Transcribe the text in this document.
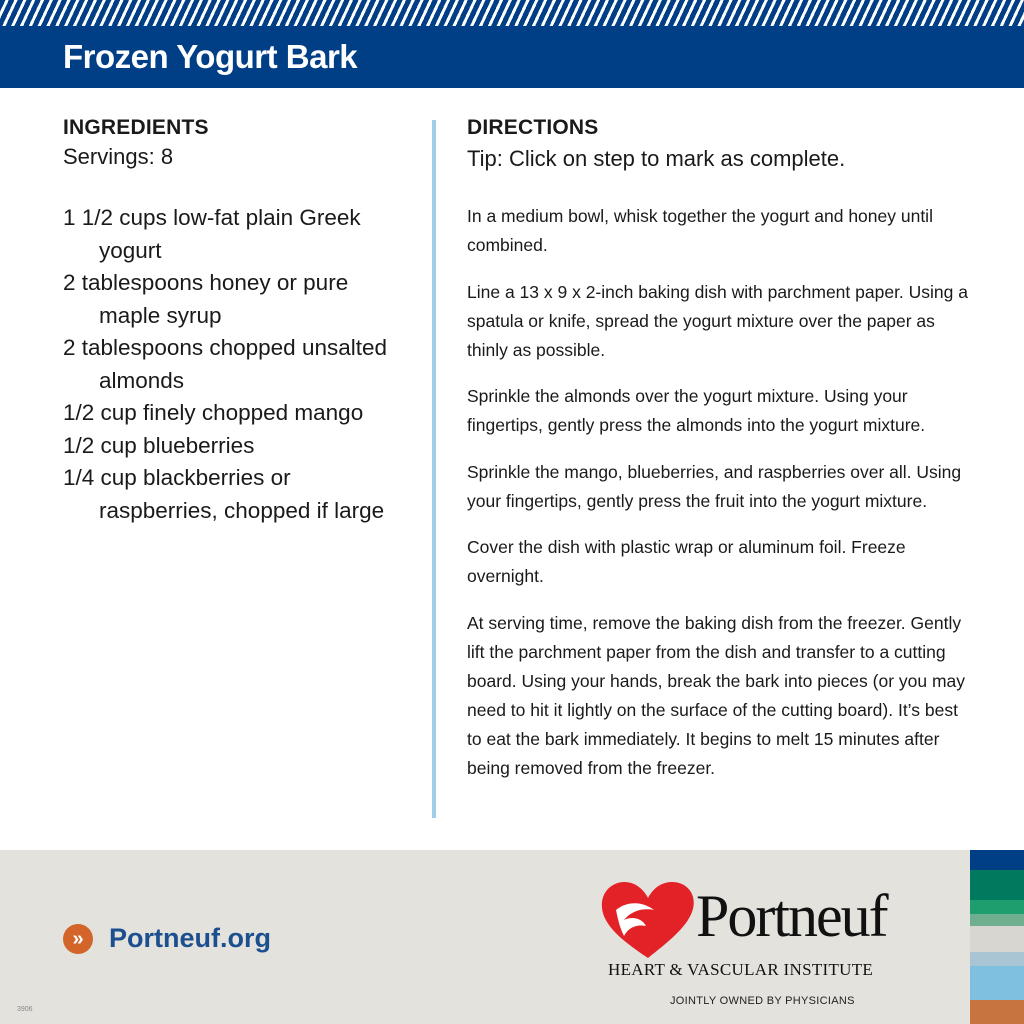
Frozen Yogurt Bark
INGREDIENTS
Servings: 8
1 1/2 cups low-fat plain Greek yogurt
2 tablespoons honey or pure maple syrup
2 tablespoons chopped unsalted almonds
1/2 cup finely chopped mango
1/2 cup blueberries
1/4 cup blackberries or raspberries, chopped if large
DIRECTIONS
Tip: Click on step to mark as complete.

In a medium bowl, whisk together the yogurt and honey until combined.

Line a 13 x 9 x 2-inch baking dish with parchment paper. Using a spatula or knife, spread the yogurt mixture over the paper as thinly as possible.

Sprinkle the almonds over the yogurt mixture. Using your fingertips, gently press the almonds into the yogurt mixture.

Sprinkle the mango, blueberries, and raspberries over all. Using your fingertips, gently press the fruit into the yogurt mixture.

Cover the dish with plastic wrap or aluminum foil. Freeze overnight.

At serving time, remove the baking dish from the freezer. Gently lift the parchment paper from the dish and transfer to a cutting board. Using your hands, break the bark into pieces (or you may need to hit it lightly on the surface of the cutting board). It’s best to eat the bark immediately. It begins to melt 15 minutes after being removed from the freezer.

» Portneuf.org	Portneuf
HEART & VASCULAR INSTITUTE
JOINTLY OWNED BY PHYSICIANS
3906
